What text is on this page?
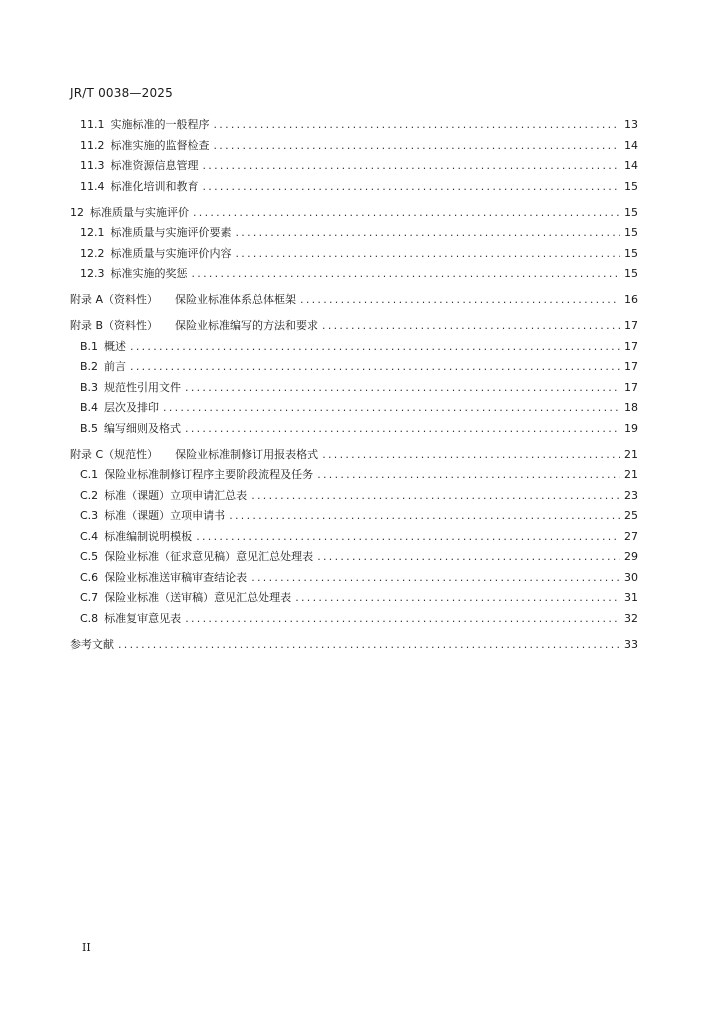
JR/T 0038—2025
11.1 实施标准的一般程序 .....	13
11.2 标准实施的监督检查 .....	14
11.3 标准资源信息管理 .....	14
11.4 标准化培训和教育 .....	15
12 标准质量与实施评价 .....	15
12.1 标准质量与实施评价要素 .....	15
12.2 标准质量与实施评价内容 .....	15
12.3 标准实施的奖惩 .....	15
附录 A（资料性） 　保险业标准体系总体框架 .....	16
附录 B（资料性） 　保险业标准编写的方法和要求 .....	17
B.1 概述 .....	17
B.2 前言 .....	17
B.3 规范性引用文件 .....	17
B.4 层次及排印 .....	18
B.5 编写细则及格式 .....	19
附录 C（规范性） 　保险业标准制修订用报表格式 .....	21
C.1 保险业标准制修订程序主要阶段流程及任务 .....	21
C.2 标准（课题）立项申请汇总表 .....	23
C.3 标准（课题）立项申请书 .....	25
C.4 标准编制说明模板 .....	27
C.5 保险业标准（征求意见稿）意见汇总处理表 .....	29
C.6 保险业标准送审稿审查结论表 .....	30
C.7 保险业标准（送审稿）意见汇总处理表 .....	31
C.8 标准复审意见表 .....	32
参考文献 .....	33
II
